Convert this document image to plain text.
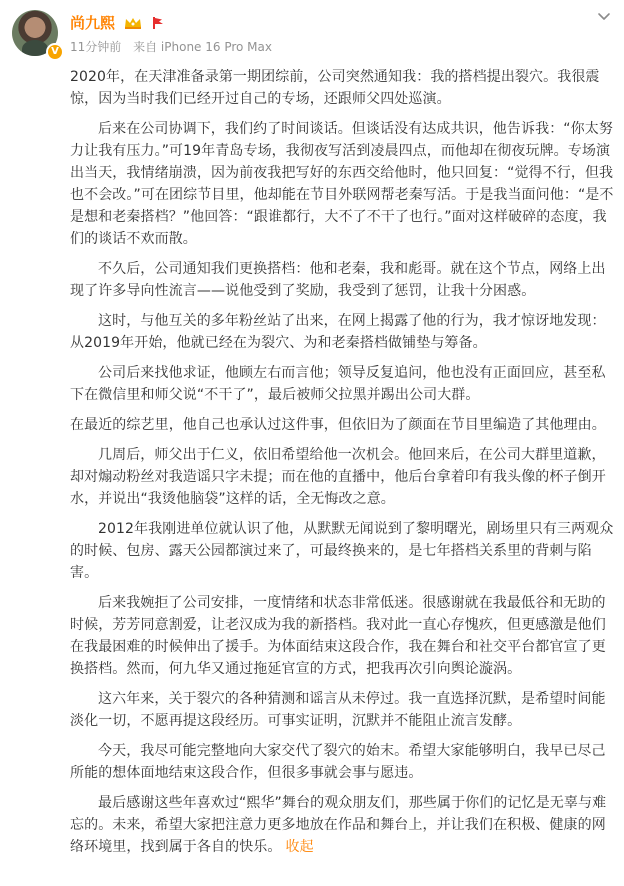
V
尚九熙
11分钟前 来自 iPhone 16 Pro Max

2020年，在天津准备录第一期团综前，公司突然通知我：我的搭档提出裂穴。我很震惊，因为当时我们已经开过自己的专场，还跟师父四处巡演。

后来在公司协调下，我们约了时间谈话。但谈话没有达成共识，他告诉我：“你太努力让我有压力。”可19年青岛专场，我彻夜写活到凌晨四点，而他却在彻夜玩牌。专场演出当天，我情绪崩溃，因为前夜我把写好的东西交给他时，他只回复：“觉得不行，但我也不会改。”可在团综节目里，他却能在节目外联网帮老秦写活。于是我当面问他：“是不是想和老秦搭档？”他回答：“跟谁都行，大不了不干了也行。”面对这样破碎的态度，我们的谈话不欢而散。

不久后，公司通知我们更换搭档：他和老秦，我和彪哥。就在这个节点，网络上出现了许多导向性流言——说他受到了奖励，我受到了惩罚，让我十分困惑。

这时，与他互关的多年粉丝站了出来，在网上揭露了他的行为，我才惊讶地发现：从2019年开始，他就已经在为裂穴、为和老秦搭档做铺垫与筹备。

公司后来找他求证，他顾左右而言他；领导反复追问，他也没有正面回应，甚至私下在微信里和师父说“不干了”，最后被师父拉黑并踢出公司大群。

在最近的综艺里，他自己也承认过这件事，但依旧为了颜面在节目里编造了其他理由。

几周后，师父出于仁义，依旧希望给他一次机会。他回来后，在公司大群里道歉，却对煽动粉丝对我造谣只字未提；而在他的直播中，他后台拿着印有我头像的杯子倒开水，并说出“我烫他脑袋”这样的话，全无悔改之意。

2012年我刚进单位就认识了他，从默默无闻说到了黎明曙光，剧场里只有三两观众的时候、包房、露天公园都演过来了，可最终换来的，是七年搭档关系里的背刺与陷害。

后来我婉拒了公司安排，一度情绪和状态非常低迷。很感谢就在我最低谷和无助的时候，芳芳同意割爱，让老汉成为我的新搭档。我对此一直心存愧疚，但更感激是他们在我最困难的时候伸出了援手。为体面结束这段合作，我在舞台和社交平台都官宣了更换搭档。然而，何九华又通过拖延官宣的方式，把我再次引向舆论漩涡。

这六年来，关于裂穴的各种猜测和谣言从未停过。我一直选择沉默，是希望时间能淡化一切，不愿再提这段经历。可事实证明，沉默并不能阻止流言发酵。

今天，我尽可能完整地向大家交代了裂穴的始末。希望大家能够明白，我早已尽己所能的想体面地结束这段合作，但很多事就会事与愿违。

最后感谢这些年喜欢过“熙华”舞台的观众朋友们，那些属于你们的记忆是无辜与难忘的。未来，希望大家把注意力更多地放在作品和舞台上，并让我们在积极、健康的网络环境里，找到属于各自的快乐。 收起
